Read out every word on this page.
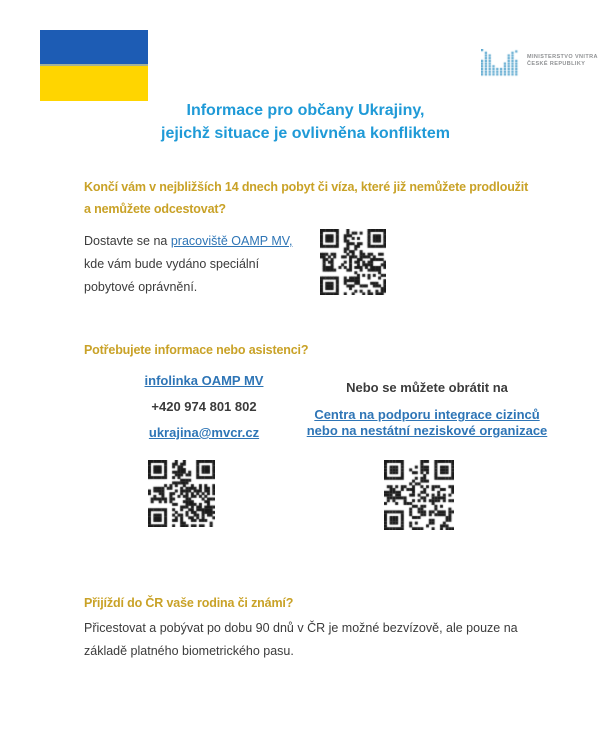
MINISTERSTVO VNITRA
ČESKÉ REPUBLIKY
Informace pro občany Ukrajiny,
jejichž situace je ovlivněna konfliktem
Končí vám v nejbližších 14 dnech pobyt či víza, které již nemůžete prodloužit
a nemůžete odcestovat?
Dostavte se na pracoviště OAMP MV,
kde vám bude vydáno speciální
pobytové oprávnění.
Potřebujete informace nebo asistenci?
infolinka OAMP MV
+420 974 801 802
ukrajina@mvcr.cz
Nebo se můžete obrátit na
Centra na podporu integrace cizinců
nebo na nestátní neziskové organizace
Přijíždí do ČR vaše rodina či známí?
Přicestovat a pobývat po dobu 90 dnů v ČR je možné bezvízově, ale pouze na
základě platného biometrického pasu.
